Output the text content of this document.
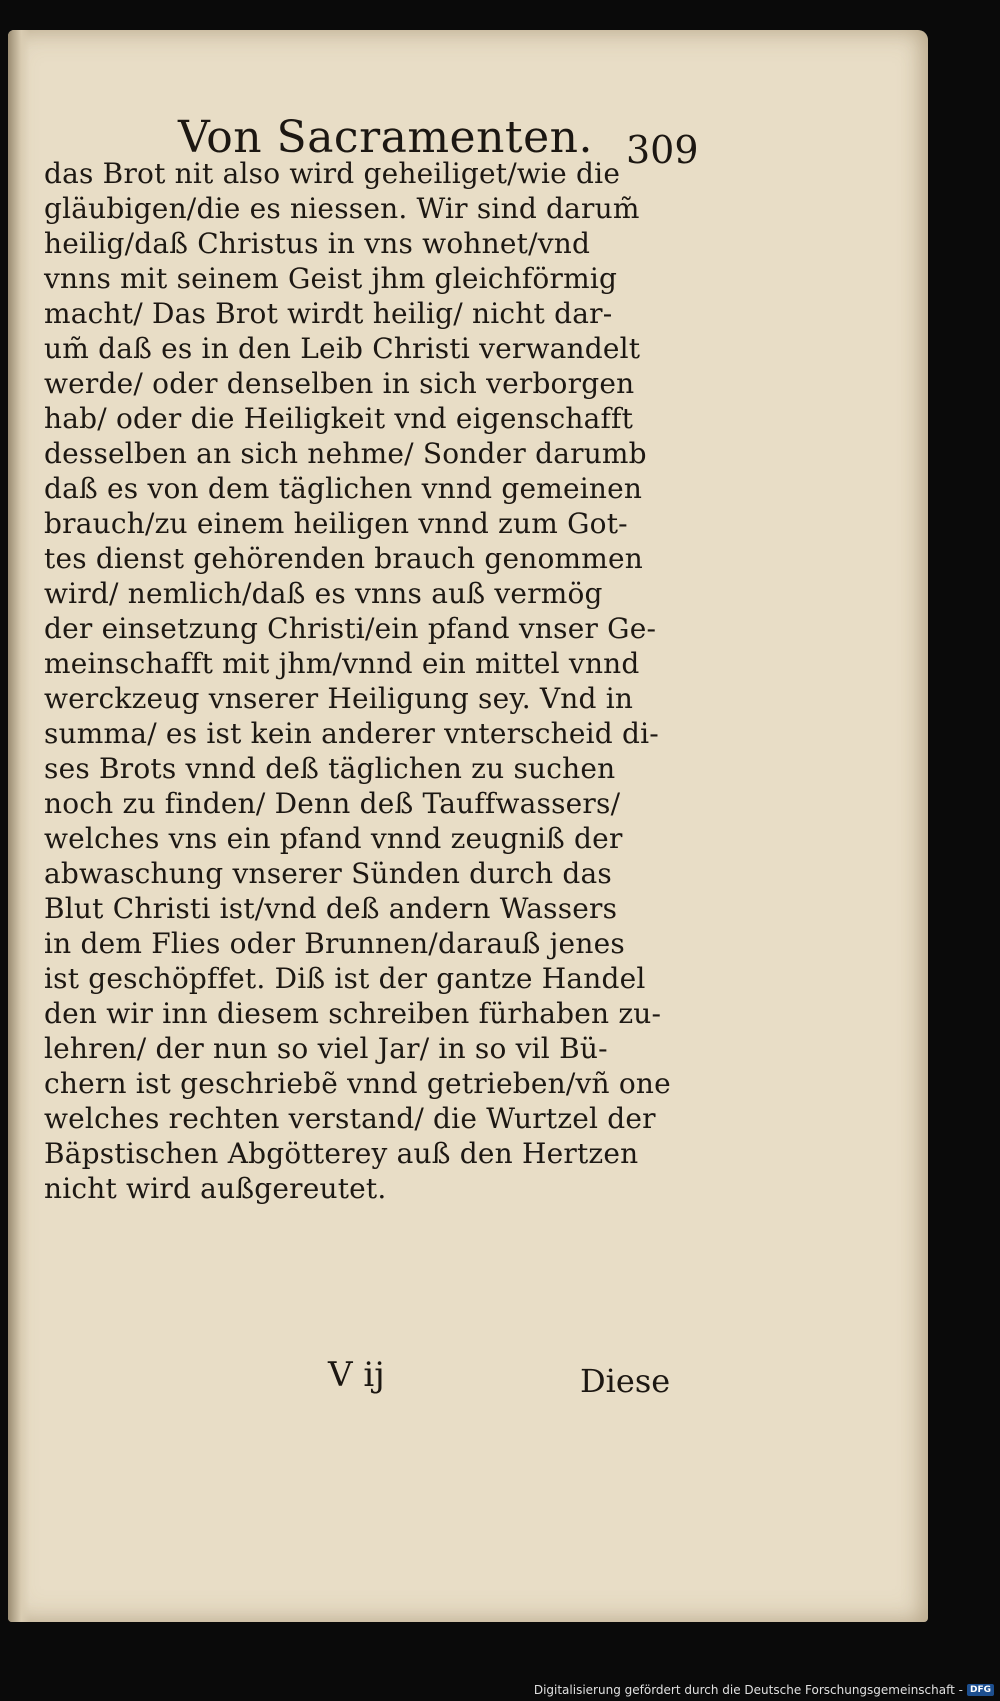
Von Sacramenten. 309
das Brot nit also wird geheiliget/wie die
gläubigen/die es niessen. Wir sind darum̃
heilig/daß Christus in vns wohnet/vnd
vnns mit seinem Geist jhm gleichförmig
macht/ Das Brot wirdt heilig/ nicht dar-
um̃ daß es in den Leib Christi verwandelt
werde/ oder denselben in sich verborgen
hab/ oder die Heiligkeit vnd eigenschafft
desselben an sich nehme/ Sonder darumb
daß es von dem täglichen vnnd gemeinen
brauch/zu einem heiligen vnnd zum Got-
tes dienst gehörenden brauch genommen
wird/ nemlich/daß es vnns auß vermög
der einsetzung Christi/ein pfand vnser Ge-
meinschafft mit jhm/vnnd ein mittel vnnd
werckzeug vnserer Heiligung sey. Vnd in
summa/ es ist kein anderer vnterscheid di-
ses Brots vnnd deß täglichen zu suchen
noch zu finden/ Denn deß Tauffwassers/
welches vns ein pfand vnnd zeugniß der
abwaschung vnserer Sünden durch das
Blut Christi ist/vnd deß andern Wassers
in dem Flies oder Brunnen/darauß jenes
ist geschöpffet. Diß ist der gantze Handel
den wir inn diesem schreiben fürhaben zu-
lehren/ der nun so viel Jar/ in so vil Bü-
chern ist geschriebẽ vnnd getrieben/vñ one
welches rechten verstand/ die Wurtzel der
Bäpstischen Abgötterey auß den Hertzen
nicht wird außgereutet.
V ij	Diese
Digitalisierung gefördert durch die Deutsche Forschungsgemeinschaft - DFG
